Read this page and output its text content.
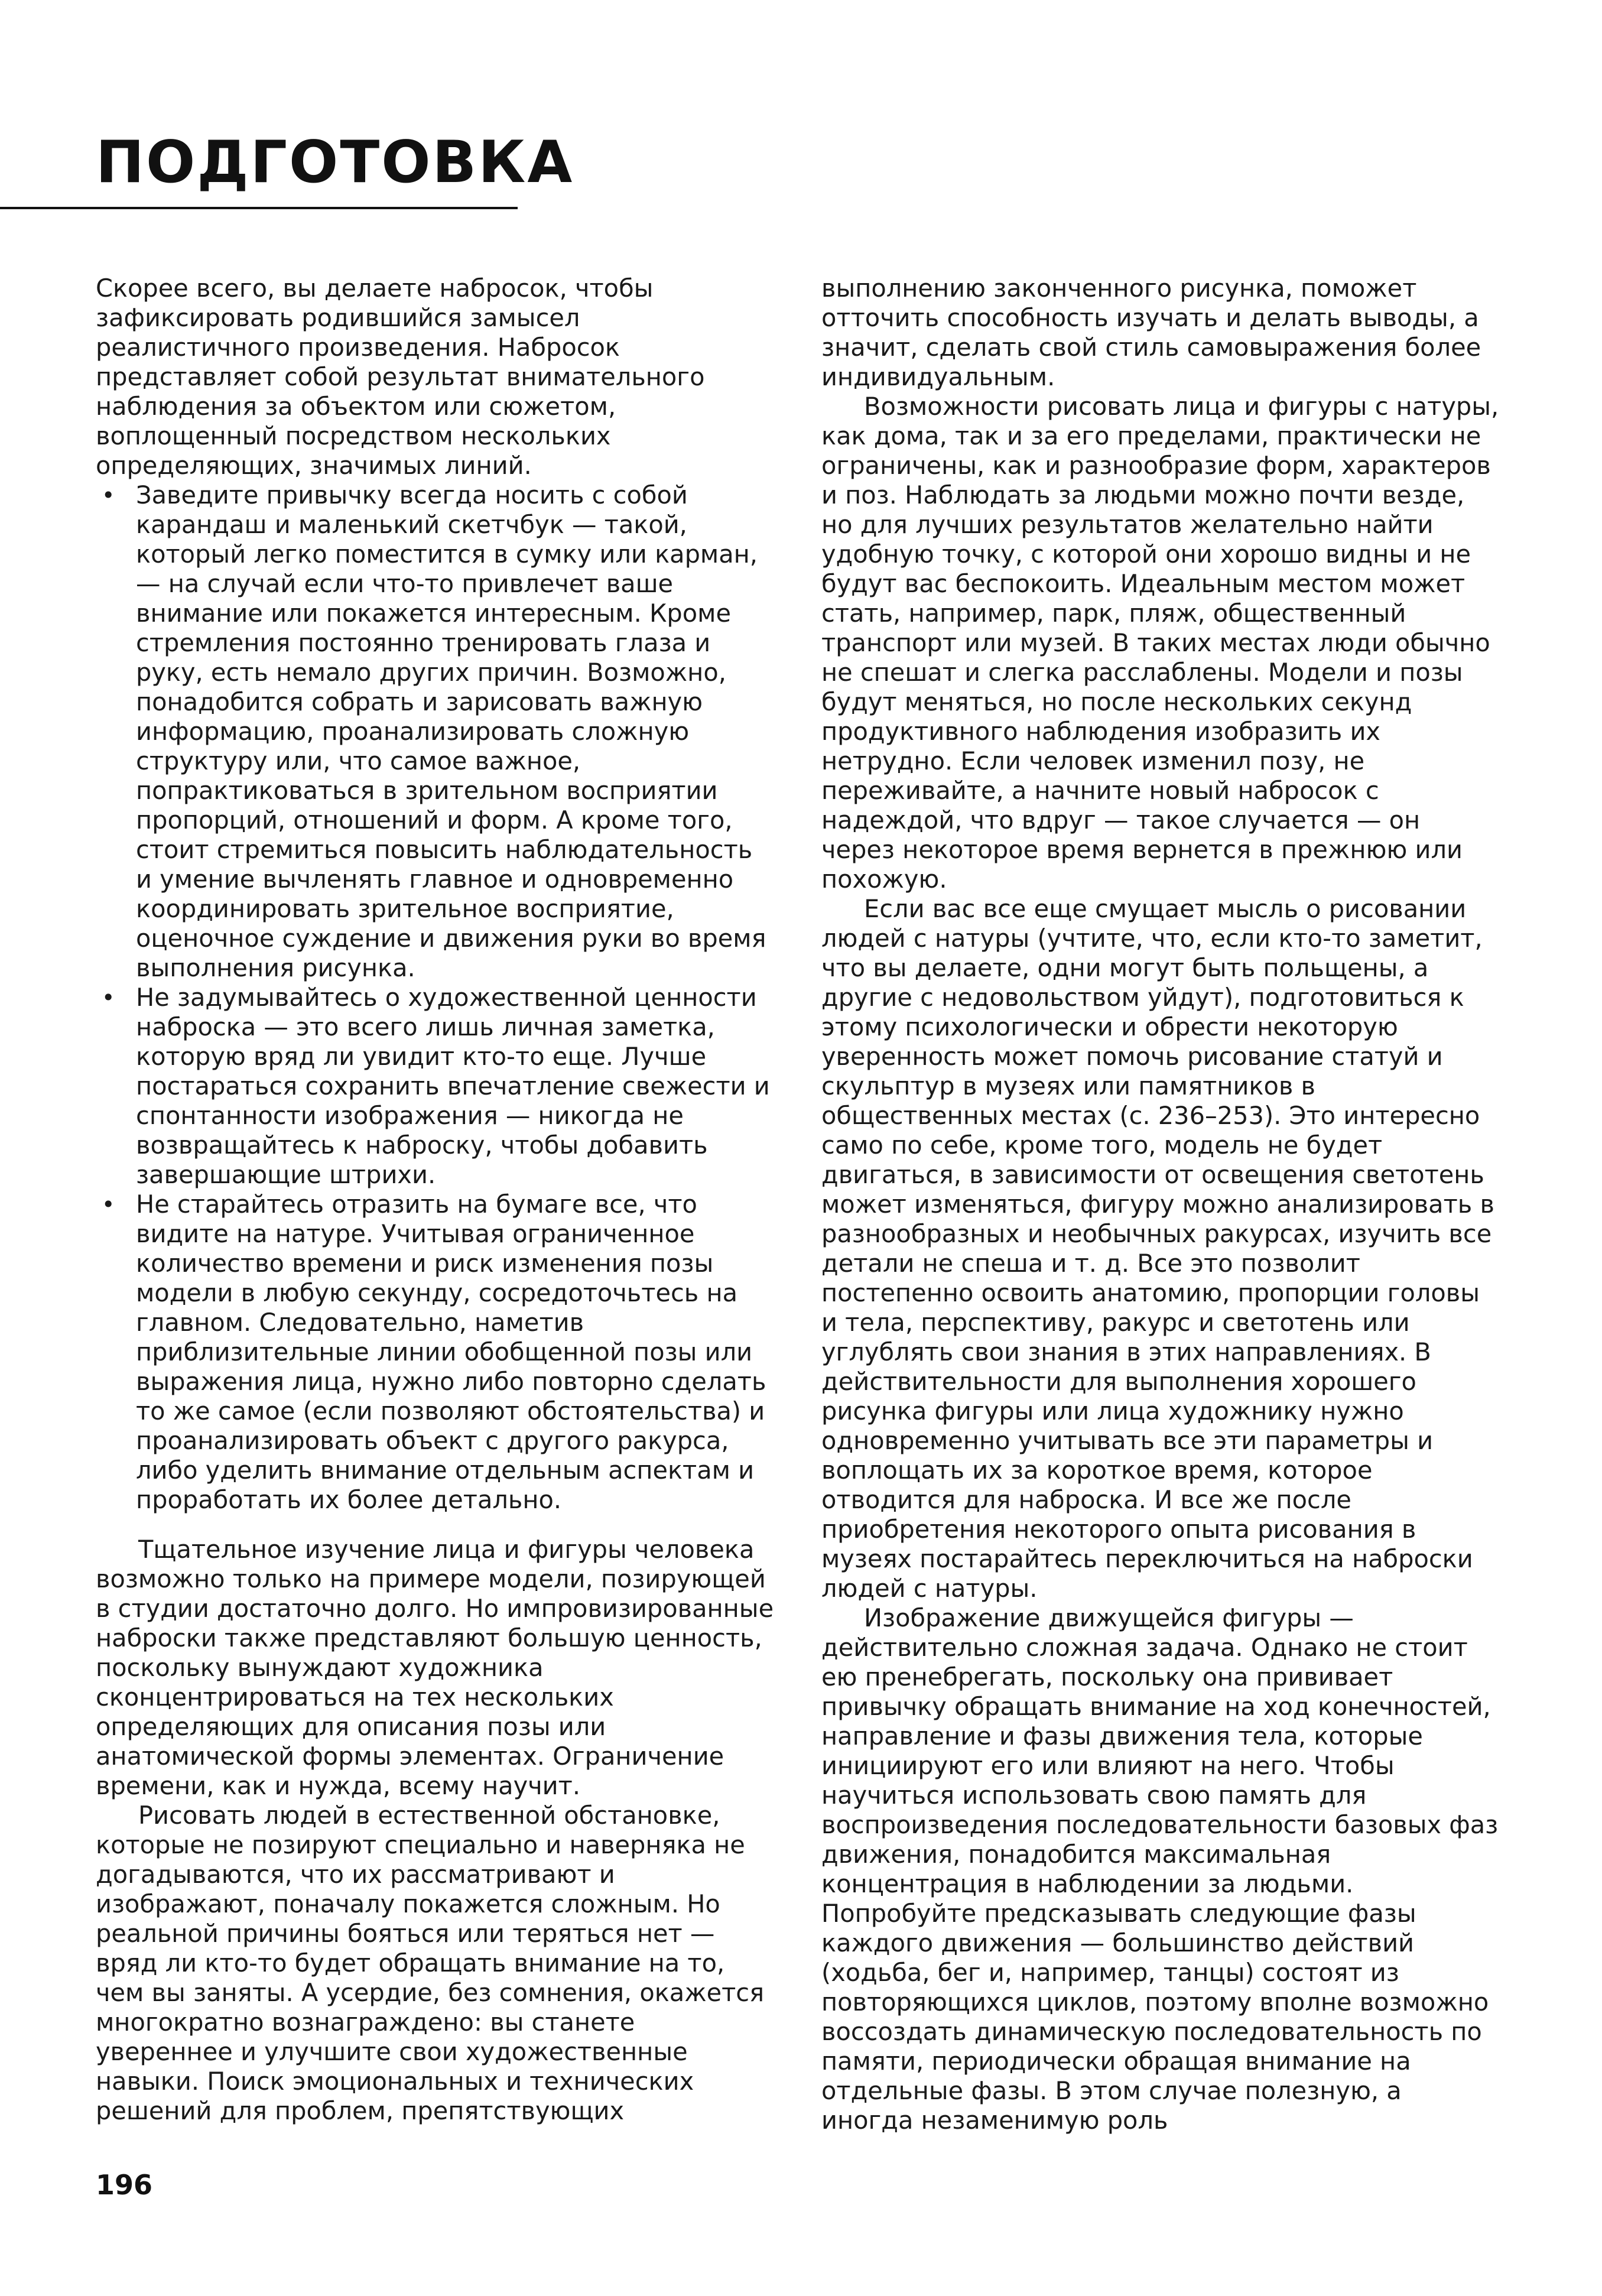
ПОДГОТОВКА

Скорее всего, вы делаете набросок, чтобы зафиксировать родившийся замысел реалистичного произведения. Набросок представляет собой результат внимательного наблюдения за объектом или сюжетом, воплощенный посредством нескольких определяющих, значимых линий.

• Заведите привычку всегда носить с собой карандаш и маленький скетчбук — такой, который легко поместится в сумку или карман, — на случай если что-то привлечет ваше внимание или покажется интересным. Кроме стремления постоянно тренировать глаза и руку, есть немало других причин. Возможно, понадобится собрать и зарисовать важную информацию, проанализировать сложную структуру или, что самое важное, попрактиковаться в зрительном восприятии пропорций, отношений и форм. А кроме того, стоит стремиться повысить наблюдательность и умение вычленять главное и одновременно координировать зрительное восприятие, оценочное суждение и движения руки во время выполнения рисунка.
• Не задумывайтесь о художественной ценности наброска — это всего лишь личная заметка, которую вряд ли увидит кто-то еще. Лучше постараться сохранить впечатление свежести и спонтанности изображения — никогда не возвращайтесь к наброску, чтобы добавить завершающие штрихи.
• Не старайтесь отразить на бумаге все, что видите на натуре. Учитывая ограниченное количество времени и риск изменения позы модели в любую секунду, сосредоточьтесь на главном. Следовательно, наметив приблизительные линии обобщенной позы или выражения лица, нужно либо повторно сделать то же самое (если позволяют обстоятельства) и проанализировать объект с другого ракурса, либо уделить внимание отдельным аспектам и проработать их более детально.

Тщательное изучение лица и фигуры человека возможно только на примере модели, позирующей в студии достаточно долго. Но импровизированные наброски также представляют большую ценность, поскольку вынуждают художника сконцентрироваться на тех нескольких определяющих для описания позы или анатомической формы элементах. Ограничение времени, как и нужда, всему научит.

Рисовать людей в естественной обстановке, которые не позируют специально и наверняка не догадываются, что их рассматривают и изображают, поначалу покажется сложным. Но реальной причины бояться или теряться нет — вряд ли кто-то будет обращать внимание на то, чем вы заняты. А усердие, без сомнения, окажется многократно вознаграждено: вы станете увереннее и улучшите свои художественные навыки. Поиск эмоциональных и технических решений для проблем, препятствующих

выполнению законченного рисунка, поможет отточить способность изучать и делать выводы, а значит, сделать свой стиль самовыражения более индивидуальным.

Возможности рисовать лица и фигуры с натуры, как дома, так и за его пределами, практически не ограничены, как и разнообразие форм, характеров и поз. Наблюдать за людьми можно почти везде, но для лучших результатов желательно найти удобную точку, с которой они хорошо видны и не будут вас беспокоить. Идеальным местом может стать, например, парк, пляж, общественный транспорт или музей. В таких местах люди обычно не спешат и слегка расслаблены. Модели и позы будут меняться, но после нескольких секунд продуктивного наблюдения изобразить их нетрудно. Если человек изменил позу, не переживайте, а начните новый набросок с надеждой, что вдруг — такое случается — он через некоторое время вернется в прежнюю или похожую.

Если вас все еще смущает мысль о рисовании людей с натуры (учтите, что, если кто-то заметит, что вы делаете, одни могут быть польщены, а другие с недовольством уйдут), подготовиться к этому психологически и обрести некоторую уверенность может помочь рисование статуй и скульптур в музеях или памятников в общественных местах (с. 236–253). Это интересно само по себе, кроме того, модель не будет двигаться, в зависимости от освещения светотень может изменяться, фигуру можно анализировать в разнообразных и необычных ракурсах, изучить все детали не спеша и т. д. Все это позволит постепенно освоить анатомию, пропорции головы и тела, перспективу, ракурс и светотень или углублять свои знания в этих направлениях. В действительности для выполнения хорошего рисунка фигуры или лица художнику нужно одновременно учитывать все эти параметры и воплощать их за короткое время, которое отводится для наброска. И все же после приобретения некоторого опыта рисования в музеях постарайтесь переключиться на наброски людей с натуры.

Изображение движущейся фигуры — действительно сложная задача. Однако не стоит ею пренебрегать, поскольку она прививает привычку обращать внимание на ход конечностей, направление и фазы движения тела, которые инициируют его или влияют на него. Чтобы научиться использовать свою память для воспроизведения последовательности базовых фаз движения, понадобится максимальная концентрация в наблюдении за людьми. Попробуйте предсказывать следующие фазы каждого движения — большинство действий (ходьба, бег и, например, танцы) состоят из повторяющихся циклов, поэтому вполне возможно воссоздать динамическую последовательность по памяти, периодически обращая внимание на отдельные фазы. В этом случае полезную, а иногда незаменимую роль

196
